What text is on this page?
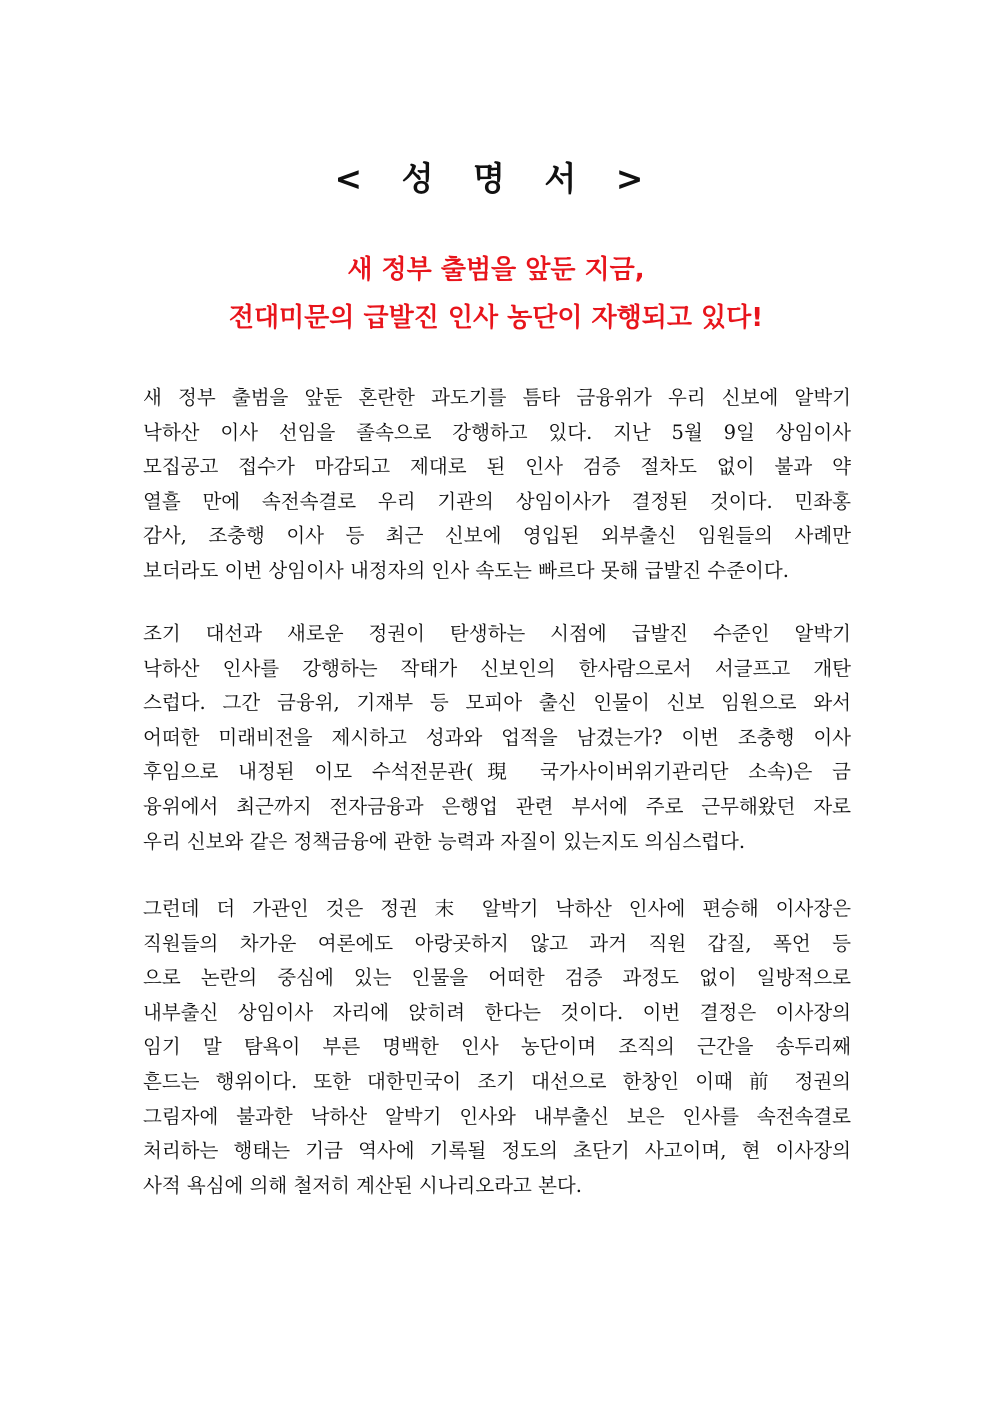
< 성 명 서 >
새 정부 출범을 앞둔 지금,
전대미문의 급발진 인사 농단이 자행되고 있다!
새 정부 출범을 앞둔 혼란한 과도기를 틈타 금융위가 우리 신보에 알박기
낙하산 이사 선임을 졸속으로 강행하고 있다. 지난 5월 9일 상임이사
모집공고 접수가 마감되고 제대로 된 인사 검증 절차도 없이 불과 약
열흘 만에 속전속결로 우리 기관의 상임이사가 결정된 것이다. 민좌홍
감사, 조충행 이사 등 최근 신보에 영입된 외부출신 임원들의 사례만
보더라도 이번 상임이사 내정자의 인사 속도는 빠르다 못해 급발진 수준이다.
조기 대선과 새로운 정권이 탄생하는 시점에 급발진 수준인 알박기
낙하산 인사를 강행하는 작태가 신보인의 한사람으로서 서글프고 개탄
스럽다. 그간 금융위, 기재부 등 모피아 출신 인물이 신보 임원으로 와서
어떠한 미래비전을 제시하고 성과와 업적을 남겼는가? 이번 조충행 이사
후임으로 내정된 이모 수석전문관(現 국가사이버위기관리단 소속)은 금
융위에서 최근까지 전자금융과 은행업 관련 부서에 주로 근무해왔던 자로
우리 신보와 같은 정책금융에 관한 능력과 자질이 있는지도 의심스럽다.
그런데 더 가관인 것은 정권 末 알박기 낙하산 인사에 편승해 이사장은
직원들의 차가운 여론에도 아랑곳하지 않고 과거 직원 갑질, 폭언 등
으로 논란의 중심에 있는 인물을 어떠한 검증 과정도 없이 일방적으로
내부출신 상임이사 자리에 앉히려 한다는 것이다. 이번 결정은 이사장의
임기 말 탐욕이 부른 명백한 인사 농단이며 조직의 근간을 송두리째
흔드는 행위이다. 또한 대한민국이 조기 대선으로 한창인 이때 前 정권의
그림자에 불과한 낙하산 알박기 인사와 내부출신 보은 인사를 속전속결로
처리하는 행태는 기금 역사에 기록될 정도의 초단기 사고이며, 현 이사장의
사적 욕심에 의해 철저히 계산된 시나리오라고 본다.
